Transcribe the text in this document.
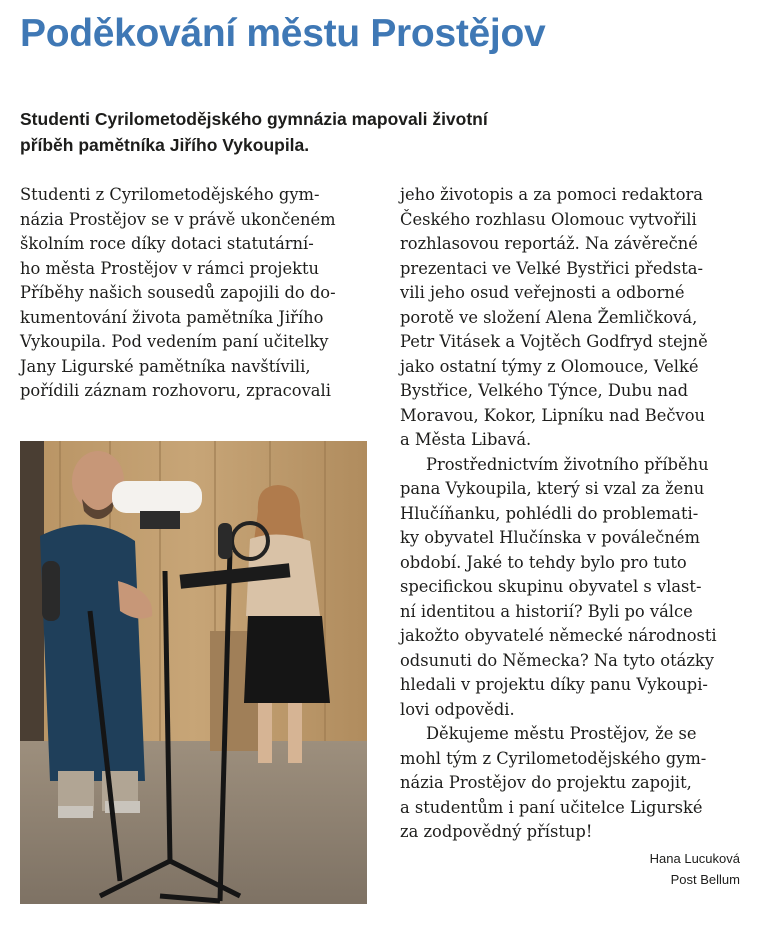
Poděkování městu Prostějov
Studenti Cyrilometodějského gymnázia mapovali životní příběh pamětníka Jiřího Vykoupila.
Studenti z Cyrilometodějského gym-
názia Prostějov se v právě ukončeném
školním roce díky dotaci statutární-
ho města Prostějov v rámci projektu
Příběhy našich sousedů zapojili do do-
kumentování života pamětníka Jiřího
Vykoupila. Pod vedením paní učitelky
Jany Ligurské pamětníka navštívili,
pořídili záznam rozhovoru, zpracovali
jeho životopis a za pomoci redaktora
Českého rozhlasu Olomouc vytvořili
rozhlasovou reportáž. Na závěrečné
prezentaci ve Velké Bystřici předsta-
vili jeho osud veřejnosti a odborné
porotě ve složení Alena Žemličková,
Petr Vitásek a Vojtěch Godfryd stejně
jako ostatní týmy z Olomouce, Velké
Bystřice, Velkého Týnce, Dubu nad
Moravou, Kokor, Lipníku nad Bečvou
a Města Libavá.
Prostřednictvím životního příběhu
pana Vykoupila, který si vzal za ženu
Hlučíňanku, pohlédli do problemati-
ky obyvatel Hlučínska v poválečném
období. Jaké to tehdy bylo pro tuto
specifickou skupinu obyvatel s vlast-
ní identitou a historií? Byli po válce
jakožto obyvatelé německé národnosti
odsunuti do Německa? Na tyto otázky
hledali v projektu díky panu Vykoupi-
lovi odpovědi.
Děkujeme městu Prostějov, že se
mohl tým z Cyrilometodějského gym-
názia Prostějov do projektu zapojit,
a studentům i paní učitelce Ligurské
za zodpovědný přístup!
Hana Lucuková
Post Bellum
